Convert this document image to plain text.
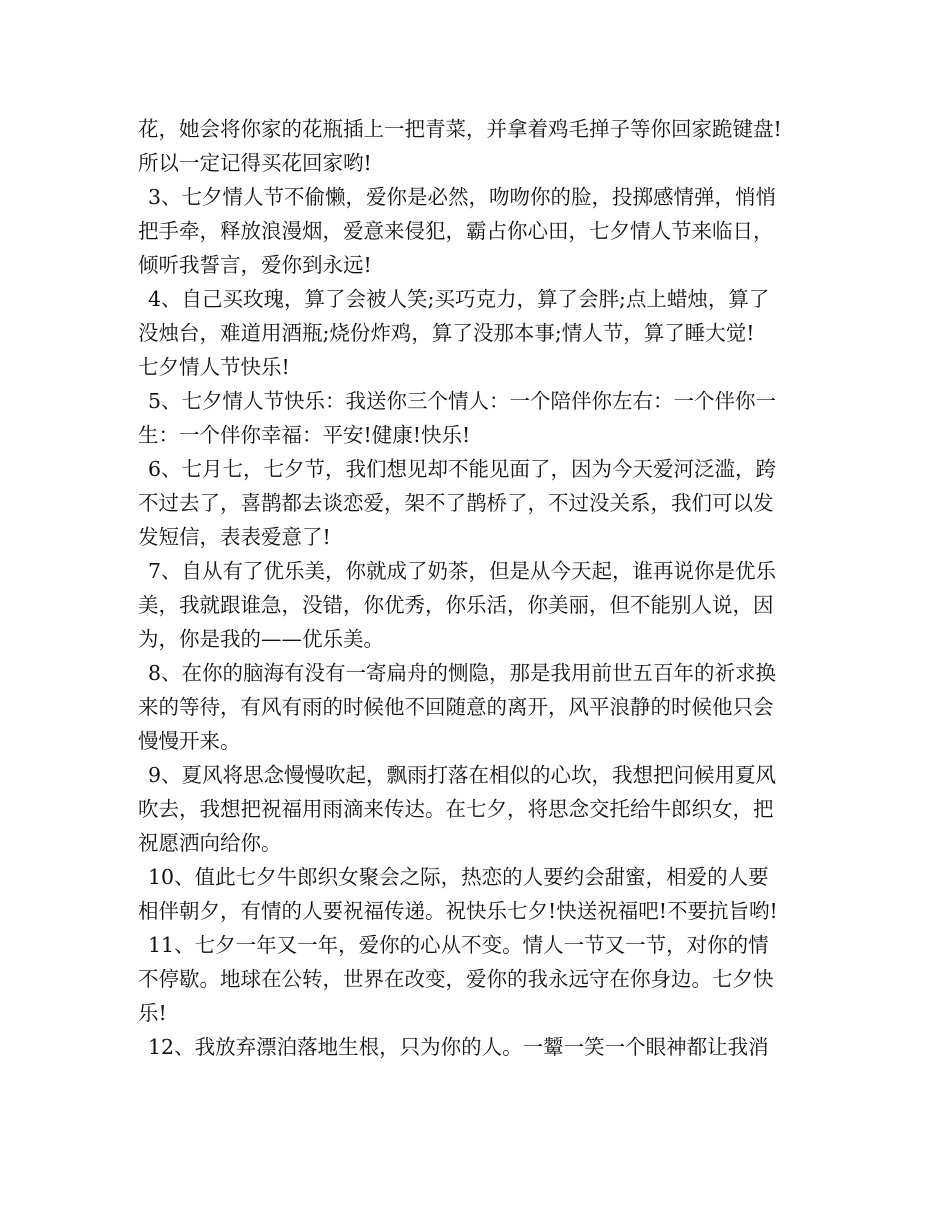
花，她会将你家的花瓶插上一把青菜，并拿着鸡毛掸子等你回家跪键盘!
所以一定记得买花回家哟!
3、七夕情人节不偷懒，爱你是必然，吻吻你的脸，投掷感情弹，悄悄
把手牵，释放浪漫烟，爱意来侵犯，霸占你心田，七夕情人节来临日，
倾听我誓言，爱你到永远!
4、自己买玫瑰，算了会被人笑;买巧克力，算了会胖;点上蜡烛，算了
没烛台，难道用酒瓶;烧份炸鸡，算了没那本事;情人节，算了睡大觉!
七夕情人节快乐!
5、七夕情人节快乐：我送你三个情人：一个陪伴你左右：一个伴你一
生：一个伴你幸福：平安!健康!快乐!
6、七月七，七夕节，我们想见却不能见面了，因为今天爱河泛滥，跨
不过去了，喜鹊都去谈恋爱，架不了鹊桥了，不过没关系，我们可以发
发短信，表表爱意了!
7、自从有了优乐美，你就成了奶茶，但是从今天起，谁再说你是优乐
美，我就跟谁急，没错，你优秀，你乐活，你美丽，但不能别人说，因
为，你是我的——优乐美。
8、在你的脑海有没有一寄扁舟的恻隐，那是我用前世五百年的祈求换
来的等待，有风有雨的时候他不回随意的离开，风平浪静的时候他只会
慢慢开来。
9、夏风将思念慢慢吹起，飘雨打落在相似的心坎，我想把问候用夏风
吹去，我想把祝福用雨滴来传达。在七夕，将思念交托给牛郎织女，把
祝愿洒向给你。
10、值此七夕牛郎织女聚会之际，热恋的人要约会甜蜜，相爱的人要
相伴朝夕，有情的人要祝福传递。祝快乐七夕!快送祝福吧!不要抗旨哟!
11、七夕一年又一年，爱你的心从不变。情人一节又一节，对你的情
不停歇。地球在公转，世界在改变，爱你的我永远守在你身边。七夕快
乐!
12、我放弃漂泊落地生根，只为你的人。一颦一笑一个眼神都让我消
